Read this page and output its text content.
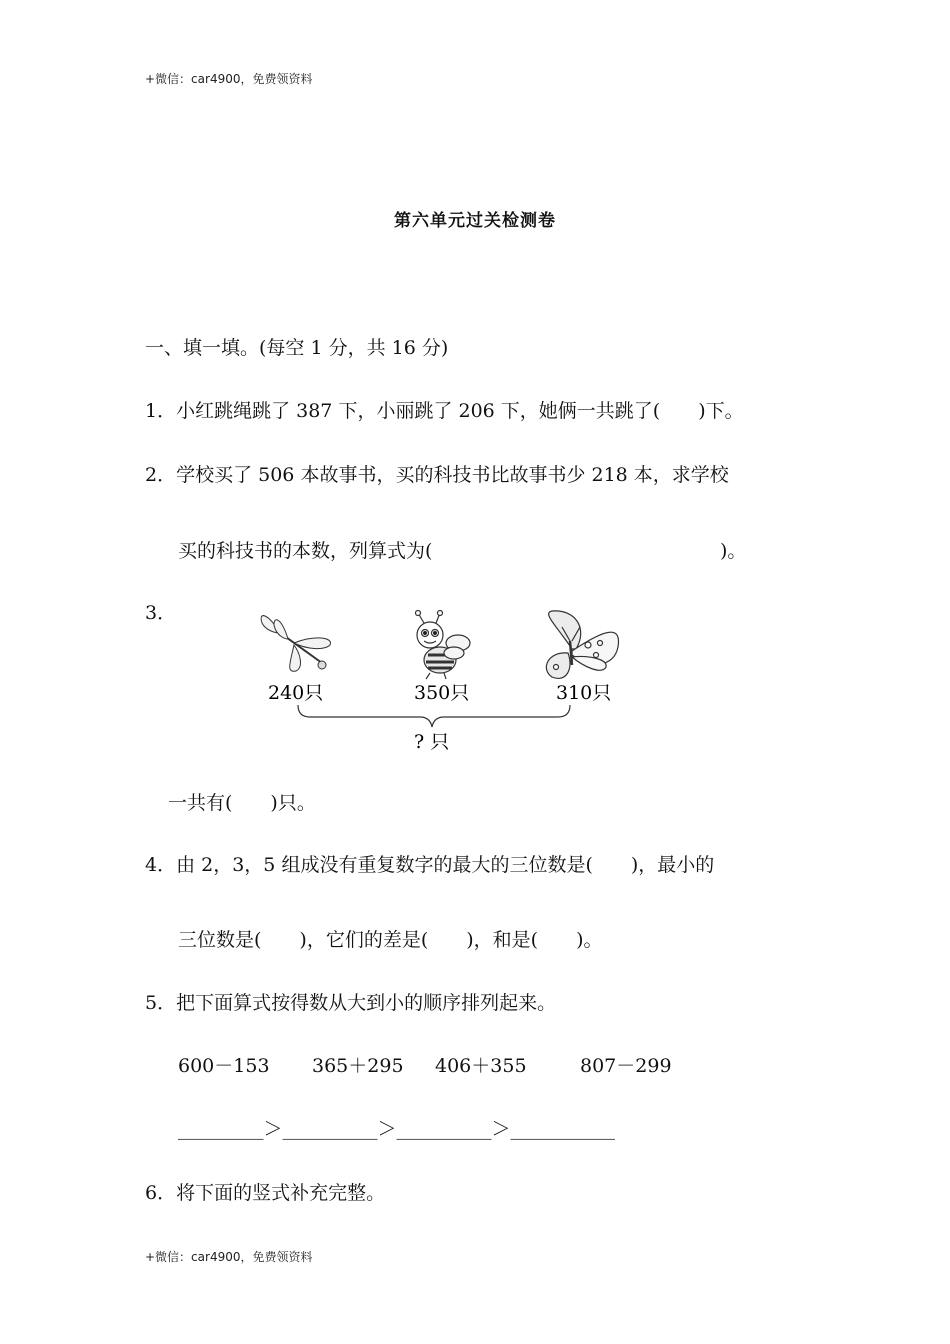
+微信：car4900，免费领资料
第六单元过关检测卷
一、填一填。(每空 1 分，共 16 分)
1．小红跳绳跳了 387 下，小丽跳了 206 下，她俩一共跳了(　　)下。
2．学校买了 506 本故事书，买的科技书比故事书少 218 本，求学校
买的科技书的本数，列算式为(	)。
3．
240只	350只	310只
? 只
一共有(　　)只。
4．由 2，3，5 组成没有重复数字的最大的三位数是(　　)，最小的
三位数是(　　)，它们的差是(　　)，和是(　　)。
5．把下面算式按得数从大到小的顺序排列起来。
600－153 365＋295 406＋355	807－299
_________＞__________＞__________＞___________
6．将下面的竖式补充完整。
+微信：car4900，免费领资料
